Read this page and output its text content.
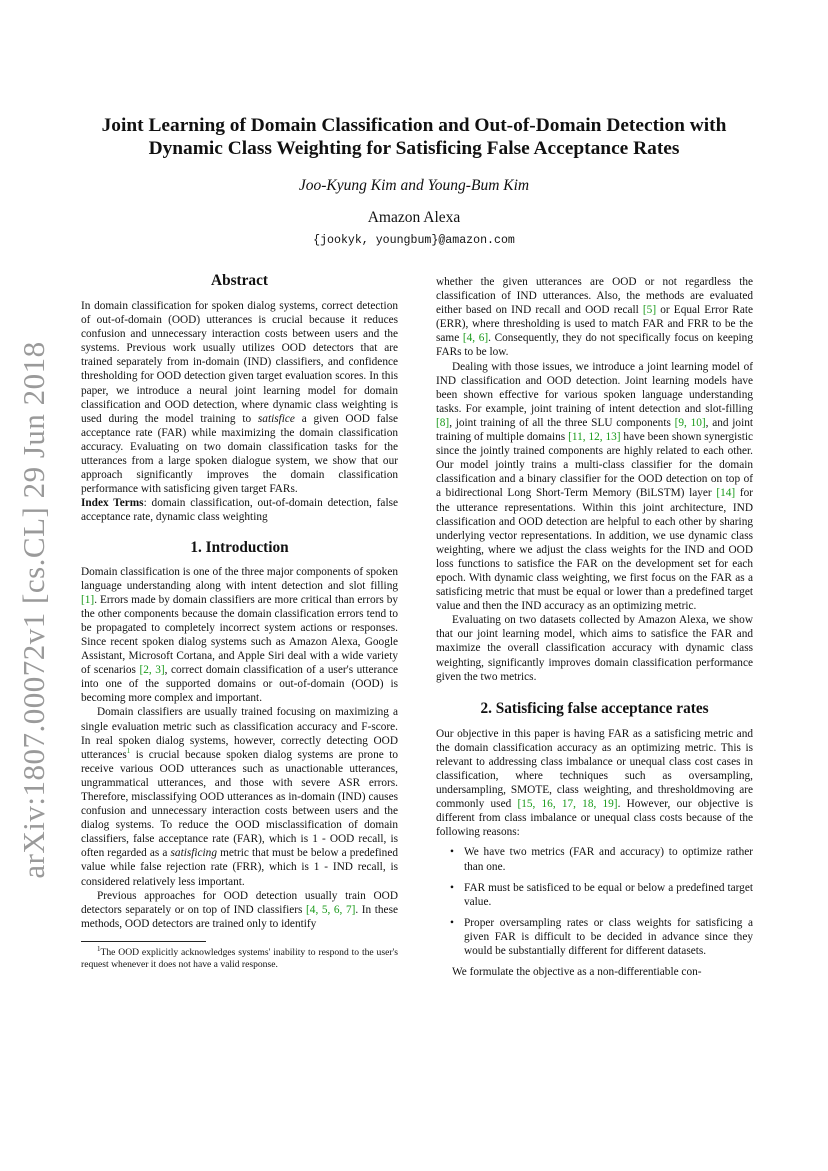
arXiv:1807.00072v1 [cs.CL] 29 Jun 2018
Joint Learning of Domain Classification and Out-of-Domain Detection with
Dynamic Class Weighting for Satisficing False Acceptance Rates
Joo-Kyung Kim and Young-Bum Kim
Amazon Alexa
{jookyk, youngbum}@amazon.com
Abstract

In domain classification for spoken dialog systems, correct detection of out-of-domain (OOD) utterances is crucial because it reduces confusion and unnecessary interaction costs between users and the systems. Previous work usually utilizes OOD detectors that are trained separately from in-domain (IND) classifiers, and confidence thresholding for OOD detection given target evaluation scores. In this paper, we introduce a neural joint learning model for domain classification and OOD detection, where dynamic class weighting is used during the model training to satisfice a given OOD false acceptance rate (FAR) while maximizing the domain classification accuracy. Evaluating on two domain classification tasks for the utterances from a large spoken dialogue system, we show that our approach significantly improves the domain classification performance with satisficing given target FARs.

Index Terms: domain classification, out-of-domain detection, false acceptance rate, dynamic class weighting

1. Introduction

Domain classification is one of the three major components of spoken language understanding along with intent detection and slot filling [1]. Errors made by domain classifiers are more critical than errors by the other components because the domain classification errors tend to be propagated to completely incorrect system actions or responses. Since recent spoken dialog systems such as Amazon Alexa, Google Assistant, Microsoft Cortana, and Apple Siri deal with a wide variety of scenarios [2, 3], correct domain classification of a user's utterance into one of the supported domains or out-of-domain (OOD) is becoming more complex and important.

Domain classifiers are usually trained focusing on maximizing a single evaluation metric such as classification accuracy and F-score. In real spoken dialog systems, however, correctly detecting OOD utterances$^1$ is crucial because spoken dialog systems are prone to receive various OOD utterances such as unactionable utterances, ungrammatical utterances, and those with severe ASR errors. Therefore, misclassifying OOD utterances as in-domain (IND) causes confusion and unnecessary interaction costs between users and the dialog systems. To reduce the OOD misclassification of domain classifiers, false acceptance rate (FAR), which is 1 - OOD recall, is often regarded as a satisficing metric that must be below a predefined value while false rejection rate (FRR), which is 1 - IND recall, is considered relatively less important.

Previous approaches for OOD detection usually train OOD detectors separately or on top of IND classifiers [4, 5, 6, 7]. In these methods, OOD detectors are trained only to identify

$^1$The OOD explicitly acknowledges systems' inability to respond to the user's request whenever it does not have a valid response.

whether the given utterances are OOD or not regardless the classification of IND utterances. Also, the methods are evaluated either based on IND recall and OOD recall [5] or Equal Error Rate (ERR), where thresholding is used to match FAR and FRR to be the same [4, 6]. Consequently, they do not specifically focus on keeping FARs to be low.

Dealing with those issues, we introduce a joint learning model of IND classification and OOD detection. Joint learning models have been shown effective for various spoken language understanding tasks. For example, joint training of intent detection and slot-filling [8], joint training of all the three SLU components [9, 10], and joint training of multiple domains [11, 12, 13] have been shown synergistic since the jointly trained components are highly related to each other. Our model jointly trains a multi-class classifier for the domain classification and a binary classifier for the OOD detection on top of a bidirectional Long Short-Term Memory (BiLSTM) layer [14] for the utterance representations. Within this joint architecture, IND classification and OOD detection are helpful to each other by sharing underlying vector representations. In addition, we use dynamic class weighting, where we adjust the class weights for the IND and OOD loss functions to satisfice the FAR on the development set for each epoch. With dynamic class weighting, we first focus on the FAR as a satisficing metric that must be equal or lower than a predefined target value and then the IND accuracy as an optimizing metric.

Evaluating on two datasets collected by Amazon Alexa, we show that our joint learning model, which aims to satisfice the FAR and maximize the overall classification accuracy with dynamic class weighting, significantly improves domain classification performance given the two metrics.

2. Satisficing false acceptance rates

Our objective in this paper is having FAR as a satisficing metric and the domain classification accuracy as an optimizing metric. This is relevant to addressing class imbalance or unequal class cost cases in classification, where techniques such as oversampling, undersampling, SMOTE, class weighting, and thresholdmoving are commonly used [15, 16, 17, 18, 19]. However, our objective is different from class imbalance or unequal class costs because of the following reasons:

• We have two metrics (FAR and accuracy) to optimize rather than one.
• FAR must be satisficed to be equal or below a predefined target value.
• Proper oversampling rates or class weights for satisficing a given FAR is difficult to be decided in advance since they would be substantially different for different datasets.

We formulate the objective as a non-differentiable con-
